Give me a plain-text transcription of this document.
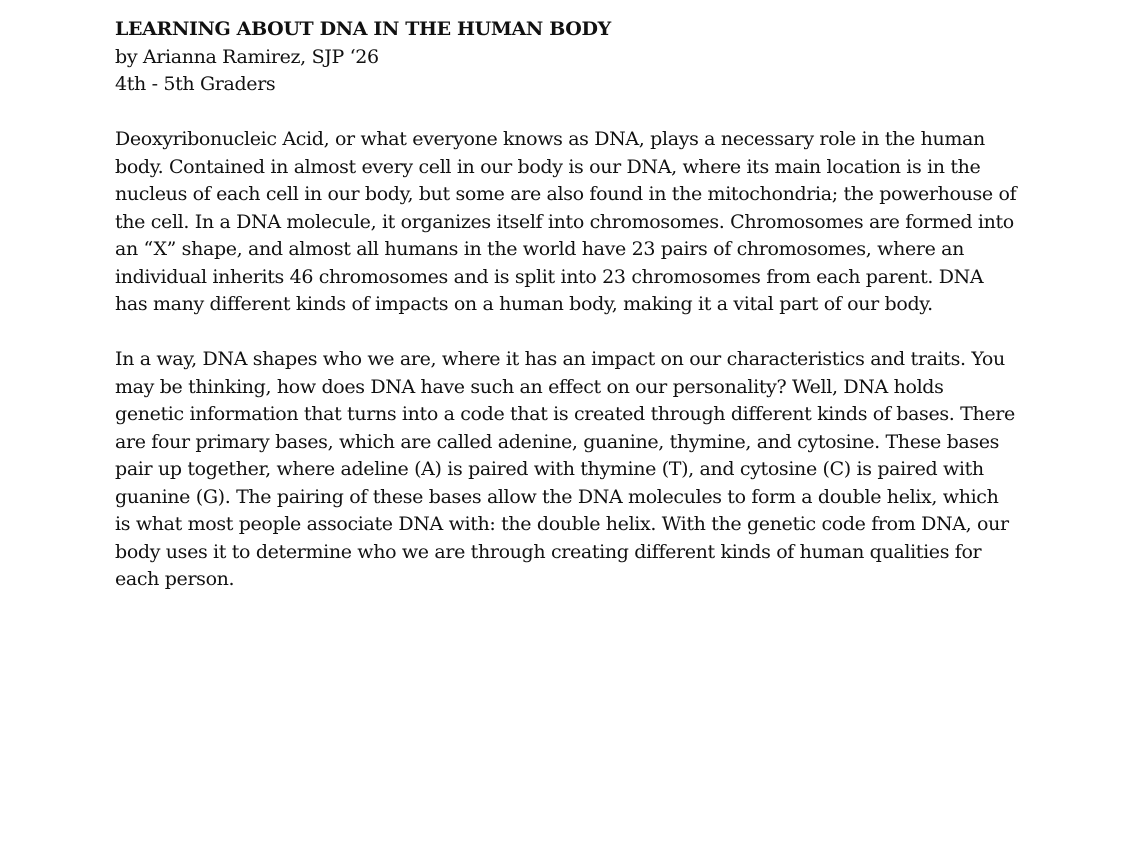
LEARNING ABOUT DNA IN THE HUMAN BODY

by Arianna Ramirez, SJP ‘26

4th - 5th Graders

Deoxyribonucleic Acid, or what everyone knows as DNA, plays a necessary role in the human
body. Contained in almost every cell in our body is our DNA, where its main location is in the
nucleus of each cell in our body, but some are also found in the mitochondria; the powerhouse of
the cell. In a DNA molecule, it organizes itself into chromosomes. Chromosomes are formed into
an “X” shape, and almost all humans in the world have 23 pairs of chromosomes, where an
individual inherits 46 chromosomes and is split into 23 chromosomes from each parent. DNA
has many different kinds of impacts on a human body, making it a vital part of our body.

In a way, DNA shapes who we are, where it has an impact on our characteristics and traits. You
may be thinking, how does DNA have such an effect on our personality? Well, DNA holds
genetic information that turns into a code that is created through different kinds of bases. There
are four primary bases, which are called adenine, guanine, thymine, and cytosine. These bases
pair up together, where adeline (A) is paired with thymine (T), and cytosine (C) is paired with
guanine (G). The pairing of these bases allow the DNA molecules to form a double helix, which
is what most people associate DNA with: the double helix. With the genetic code from DNA, our
body uses it to determine who we are through creating different kinds of human qualities for
each person.
